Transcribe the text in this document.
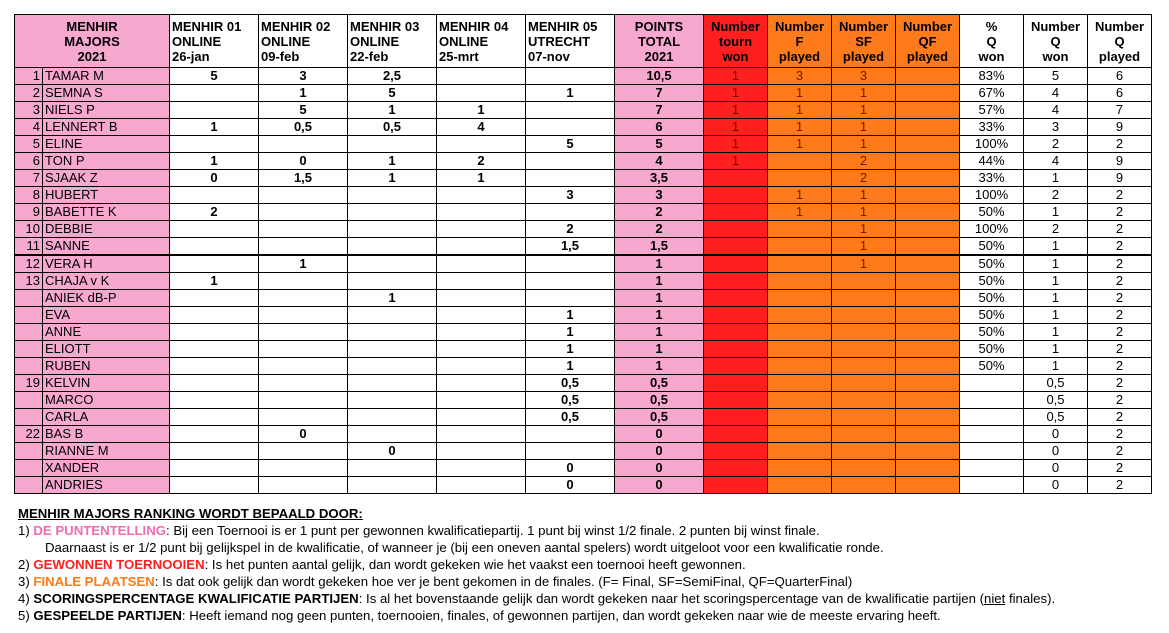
MENHIR
MAJORS
2021		MENHIR 01
ONLINE
26-jan	MENHIR 02
ONLINE
09-feb	MENHIR 03
ONLINE
22-feb	MENHIR 04
ONLINE
25-mrt	MENHIR 05
UTRECHT
07-nov	POINTS
TOTAL
2021	Number
tourn
won	Number
F
played	Number
SF
played	Number
QF
played	%
Q
won	Number
Q
won	Number
Q
played
1	TAMAR M	5	3	2,5			10,5	1	3	3		83%	5	6
2	SEMNA S		1	5		1	7	1	1	1		67%	4	6
3	NIELS P		5	1	1		7	1	1	1		57%	4	7
4	LENNERT B	1	0,5	0,5	4		6	1	1	1		33%	3	9
5	ELINE					5	5	1	1	1		100%	2	2
6	TON P	1	0	1	2		4	1		2		44%	4	9
7	SJAAK Z	0	1,5	1	1		3,5			2		33%	1	9
8	HUBERT					3	3		1	1		100%	2	2
9	BABETTE K	2					2		1	1		50%	1	2
10	DEBBIE					2	2			1		100%	2	2
11	SANNE					1,5	1,5			1		50%	1	2
12	VERA H		1				1			1		50%	1	2
13	CHAJA v K	1					1					50%	1	2
	ANIEK dB-P			1			1					50%	1	2
	EVA					1	1					50%	1	2
	ANNE					1	1					50%	1	2
	ELIOTT					1	1					50%	1	2
	RUBEN					1	1					50%	1	2
19	KELVIN					0,5	0,5						0,5	2
	MARCO					0,5	0,5						0,5	2
	CARLA					0,5	0,5						0,5	2
22	BAS B		0				0						0	2
	RIANNE M			0			0						0	2
	XANDER					0	0						0	2
	ANDRIES					0	0						0	2
MENHIR MAJORS RANKING WORDT BEPAALD DOOR:
1) DE PUNTENTELLING: Bij een Toernooi is er 1 punt per gewonnen kwalificatiepartij. 1 punt bij winst 1/2 finale. 2 punten bij winst finale.
Daarnaast is er 1/2 punt bij gelijkspel in de kwalificatie, of wanneer je (bij een oneven aantal spelers) wordt uitgeloot voor een kwalificatie ronde.
2) GEWONNEN TOERNOOIEN: Is het punten aantal gelijk, dan wordt gekeken wie het vaakst een toernooi heeft gewonnen.
3) FINALE PLAATSEN: Is dat ook gelijk dan wordt gekeken hoe ver je bent gekomen in de finales. (F= Final, SF=SemiFinal, QF=QuarterFinal)
4) SCORINGSPERCENTAGE KWALIFICATIE PARTIJEN: Is al het bovenstaande gelijk dan wordt gekeken naar het scoringspercentage van de kwalificatie partijen (niet finales).
5) GESPEELDE PARTIJEN: Heeft iemand nog geen punten, toernooien, finales, of gewonnen partijen, dan wordt gekeken naar wie de meeste ervaring heeft.
